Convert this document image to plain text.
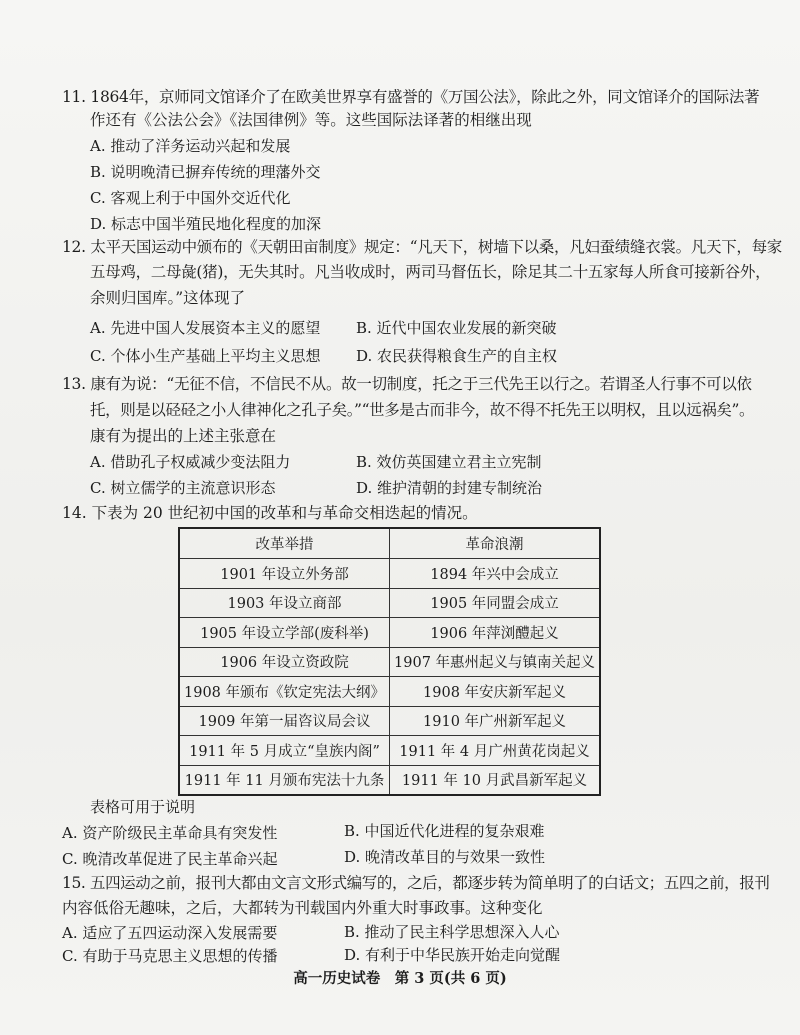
11. 1864年，京师同文馆译介了在欧美世界享有盛誉的《万国公法》，除此之外，同文馆译介的国际法著
作还有《公法公会》《法国律例》等。这些国际法译著的相继出现
A. 推动了洋务运动兴起和发展
B. 说明晚清已摒弃传统的理藩外交
C. 客观上利于中国外交近代化
D. 标志中国半殖民地化程度的加深
12. 太平天国运动中颁布的《天朝田亩制度》规定：“凡天下，树墙下以桑，凡妇蚕绩缝衣裳。凡天下，每家
五母鸡，二母彘(猪)，无失其时。凡当收成时，两司马督伍长，除足其二十五家每人所食可接新谷外，
余则归国库。”这体现了
A. 先进中国人发展资本主义的愿望 B. 近代中国农业发展的新突破
C. 个体小生产基础上平均主义思想 D. 农民获得粮食生产的自主权
13. 康有为说：“无征不信，不信民不从。故一切制度，托之于三代先王以行之。若谓圣人行事不可以依
托，则是以硁硁之小人律神化之孔子矣。”“世多是古而非今，故不得不托先王以明权，且以远祸矣”。
康有为提出的上述主张意在
A. 借助孔子权威减少变法阻力	B. 效仿英国建立君主立宪制
C. 树立儒学的主流意识形态	D. 维护清朝的封建专制统治
14. 下表为 20 世纪初中国的改革和与革命交相迭起的情况。
改革举措	革命浪潮
1901 年设立外务部	1894 年兴中会成立
1903 年设立商部	1905 年同盟会成立
1905 年设立学部(废科举)	1906 年萍浏醴起义
1906 年设立资政院	1907 年惠州起义与镇南关起义
1908 年颁布《钦定宪法大纲》	1908 年安庆新军起义
1909 年第一届咨议局会议	1910 年广州新军起义
1911 年 5 月成立“皇族内阁”	1911 年 4 月广州黄花岗起义
1911 年 11 月颁布宪法十九条	1911 年 10 月武昌新军起义
表格可用于说明
A. 资产阶级民主革命具有突发性	B. 中国近代化进程的复杂艰难
C. 晚清改革促进了民主革命兴起	D. 晚清改革目的与效果一致性
15. 五四运动之前，报刊大都由文言文形式编写的，之后，都逐步转为简单明了的白话文；五四之前，报刊
内容低俗无趣味，之后，大都转为刊载国内外重大时事政事。这种变化
A. 适应了五四运动深入发展需要	B. 推动了民主科学思想深入人心
C. 有助于马克思主义思想的传播	D. 有利于中华民族开始走向觉醒
高一历史试卷　第 3 页(共 6 页)
